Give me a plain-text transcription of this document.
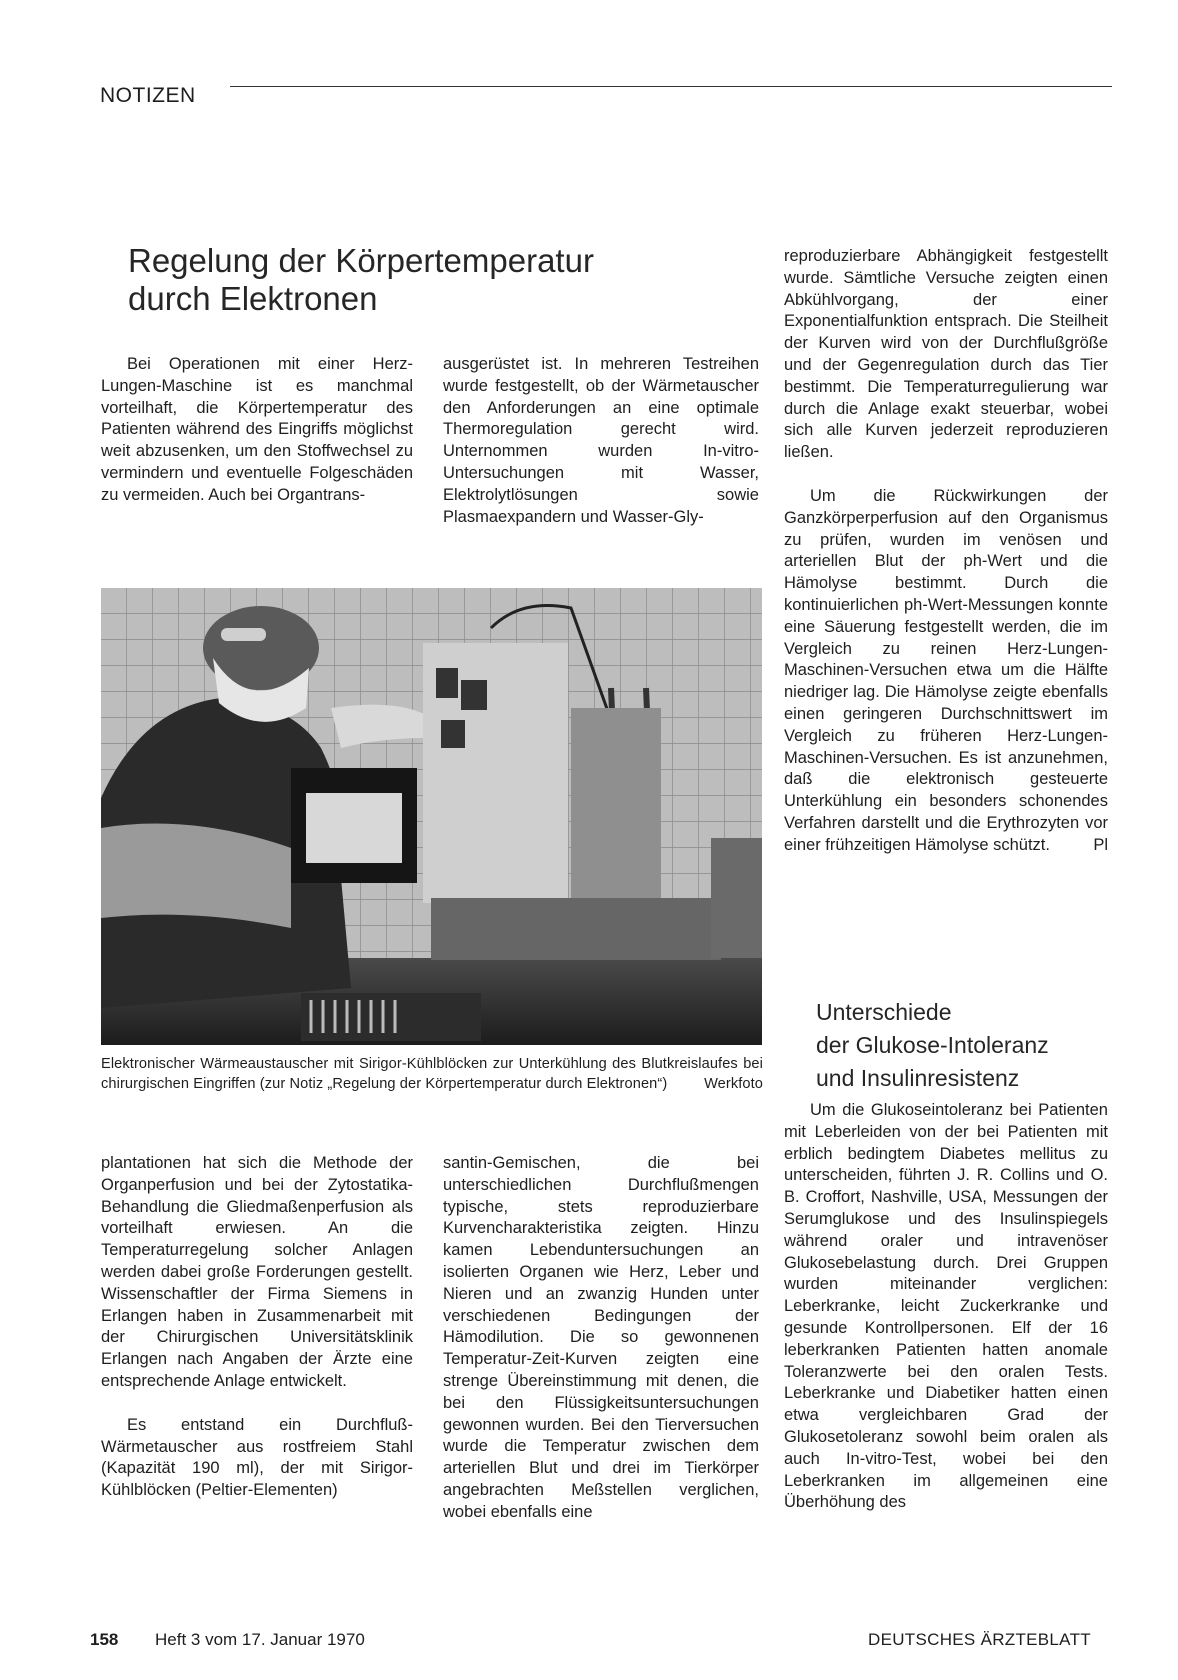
NOTIZEN
Regelung der Körpertemperatur
durch Elektronen

Bei Operationen mit einer Herz-Lungen-Maschine ist es manchmal vorteilhaft, die Körpertemperatur des Patienten während des Eingriffs möglichst weit abzusenken, um den Stoffwechsel zu vermindern und eventuelle Folgeschäden zu vermeiden. Auch bei Organtrans-

ausgerüstet ist. In mehreren Testreihen wurde festgestellt, ob der Wärmetauscher den Anforderungen an eine optimale Thermoregulation gerecht wird. Unternommen wurden In-vitro-Untersuchungen mit Wasser, Elektrolytlösungen sowie Plasmaexpandern und Wasser-Gly-

reproduzierbare Abhängigkeit festgestellt wurde. Sämtliche Versuche zeigten einen Abkühlvorgang, der einer Exponentialfunktion entsprach. Die Steilheit der Kurven wird von der Durchflußgröße und der Gegenregulation durch das Tier bestimmt. Die Temperaturregulierung war durch die Anlage exakt steuerbar, wobei sich alle Kurven jederzeit reproduzieren ließen.

Um die Rückwirkungen der Ganzkörperperfusion auf den Organismus zu prüfen, wurden im venösen und arteriellen Blut der ph-Wert und die Hämolyse bestimmt. Durch die kontinuierlichen ph-Wert-Messungen konnte eine Säuerung festgestellt werden, die im Vergleich zu reinen Herz-Lungen-Maschinen-Versuchen etwa um die Hälfte niedriger lag. Die Hämolyse zeigte ebenfalls einen geringeren Durchschnittswert im Vergleich zu früheren Herz-Lungen-Maschinen-Versuchen. Es ist anzunehmen, daß die elektronisch gesteuerte Unterkühlung ein besonders schonendes Verfahren darstellt und die Erythrozyten vor einer frühzeitigen Hämolyse schützt.	Pl

Elektronischer Wärmeaustauscher mit Sirigor-Kühlblöcken zur Unterkühlung des Blutkreislaufes bei chirurgischen Eingriffen (zur Notiz „Regelung der Körpertemperatur durch Elektronen“)	Werkfoto

plantationen hat sich die Methode der Organperfusion und bei der Zytostatika-Behandlung die Gliedmaßenperfusion als vorteilhaft erwiesen. An die Temperaturregelung solcher Anlagen werden dabei große Forderungen gestellt. Wissenschaftler der Firma Siemens in Erlangen haben in Zusammenarbeit mit der Chirurgischen Universitätsklinik Erlangen nach Angaben der Ärzte eine entsprechende Anlage entwickelt.

Es entstand ein Durchfluß-Wärmetauscher aus rostfreiem Stahl (Kapazität 190 ml), der mit Sirigor-Kühlblöcken (Peltier-Elementen)

santin-Gemischen, die bei unterschiedlichen Durchflußmengen typische, stets reproduzierbare Kurvencharakteristika zeigten. Hinzu kamen Lebenduntersuchungen an isolierten Organen wie Herz, Leber und Nieren und an zwanzig Hunden unter verschiedenen Bedingungen der Hämodilution. Die so gewonnenen Temperatur-Zeit-Kurven zeigten eine strenge Übereinstimmung mit denen, die bei den Flüssigkeitsuntersuchungen gewonnen wurden. Bei den Tierversuchen wurde die Temperatur zwischen dem arteriellen Blut und drei im Tierkörper angebrachten Meßstellen verglichen, wobei ebenfalls eine

Unterschiede
der Glukose-Intoleranz
und Insulinresistenz

Um die Glukoseintoleranz bei Patienten mit Leberleiden von der bei Patienten mit erblich bedingtem Diabetes mellitus zu unterscheiden, führten J. R. Collins und O. B. Croffort, Nashville, USA, Messungen der Serumglukose und des Insulinspiegels während oraler und intravenöser Glukosebelastung durch. Drei Gruppen wurden miteinander verglichen: Leberkranke, leicht Zuckerkranke und gesunde Kontrollpersonen. Elf der 16 leberkranken Patienten hatten anomale Toleranzwerte bei den oralen Tests. Leberkranke und Diabetiker hatten einen etwa vergleichbaren Grad der Glukosetoleranz sowohl beim oralen als auch In-vitro-Test, wobei bei den Leberkranken im allgemeinen eine Überhöhung des

158 Heft 3 vom 17. Januar 1970	DEUTSCHES ÄRZTEBLATT
